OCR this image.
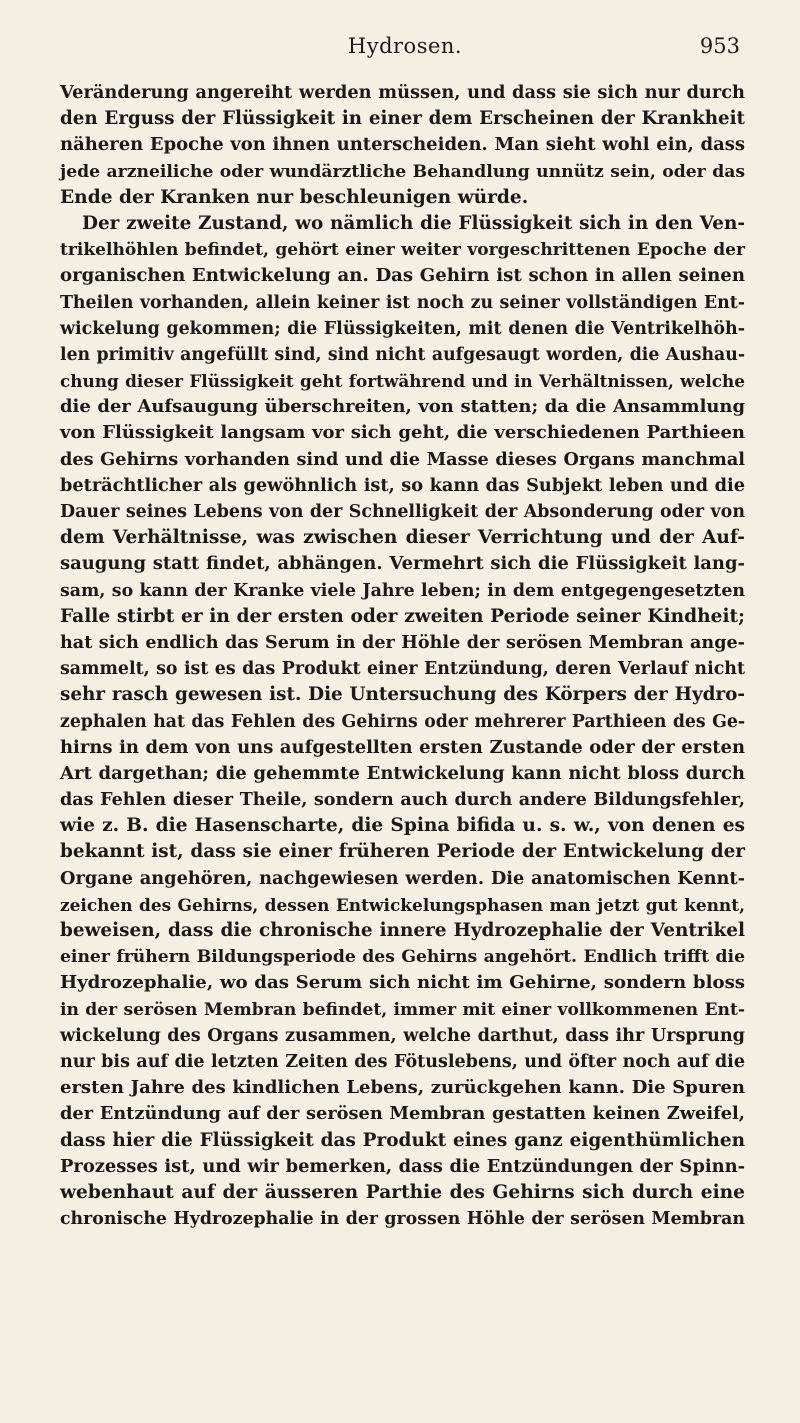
Hydrosen.	953
Veränderung angereiht werden müssen, und dass sie sich nur durch
den Erguss der Flüssigkeit in einer dem Erscheinen der Krankheit
näheren Epoche von ihnen unterscheiden. Man sieht wohl ein, dass
jede arzneiliche oder wundärztliche Behandlung unnütz sein, oder das
Ende der Kranken nur beschleunigen würde.
Der zweite Zustand, wo nämlich die Flüssigkeit sich in den Ven-
trikelhöhlen befindet, gehört einer weiter vorgeschrittenen Epoche der
organischen Entwickelung an. Das Gehirn ist schon in allen seinen
Theilen vorhanden, allein keiner ist noch zu seiner vollständigen Ent-
wickelung gekommen; die Flüssigkeiten, mit denen die Ventrikelhöh-
len primitiv angefüllt sind, sind nicht aufgesaugt worden, die Aushau-
chung dieser Flüssigkeit geht fortwährend und in Verhältnissen, welche
die der Aufsaugung überschreiten, von statten; da die Ansammlung
von Flüssigkeit langsam vor sich geht, die verschiedenen Parthieen
des Gehirns vorhanden sind und die Masse dieses Organs manchmal
beträchtlicher als gewöhnlich ist, so kann das Subjekt leben und die
Dauer seines Lebens von der Schnelligkeit der Absonderung oder von
dem Verhältnisse, was zwischen dieser Verrichtung und der Auf-
saugung statt findet, abhängen. Vermehrt sich die Flüssigkeit lang-
sam, so kann der Kranke viele Jahre leben; in dem entgegengesetzten
Falle stirbt er in der ersten oder zweiten Periode seiner Kindheit;
hat sich endlich das Serum in der Höhle der serösen Membran ange-
sammelt, so ist es das Produkt einer Entzündung, deren Verlauf nicht
sehr rasch gewesen ist. Die Untersuchung des Körpers der Hydro-
zephalen hat das Fehlen des Gehirns oder mehrerer Parthieen des Ge-
hirns in dem von uns aufgestellten ersten Zustande oder der ersten
Art dargethan; die gehemmte Entwickelung kann nicht bloss durch
das Fehlen dieser Theile, sondern auch durch andere Bildungsfehler,
wie z. B. die Hasenscharte, die Spina bifida u. s. w., von denen es
bekannt ist, dass sie einer früheren Periode der Entwickelung der
Organe angehören, nachgewiesen werden. Die anatomischen Kennt-
zeichen des Gehirns, dessen Entwickelungsphasen man jetzt gut kennt,
beweisen, dass die chronische innere Hydrozephalie der Ventrikel
einer frühern Bildungsperiode des Gehirns angehört. Endlich trifft die
Hydrozephalie, wo das Serum sich nicht im Gehirne, sondern bloss
in der serösen Membran befindet, immer mit einer vollkommenen Ent-
wickelung des Organs zusammen, welche darthut, dass ihr Ursprung
nur bis auf die letzten Zeiten des Fötuslebens, und öfter noch auf die
ersten Jahre des kindlichen Lebens, zurückgehen kann. Die Spuren
der Entzündung auf der serösen Membran gestatten keinen Zweifel,
dass hier die Flüssigkeit das Produkt eines ganz eigenthümlichen
Prozesses ist, und wir bemerken, dass die Entzündungen der Spinn-
webenhaut auf der äusseren Parthie des Gehirns sich durch eine
chronische Hydrozephalie in der grossen Höhle der serösen Membran
